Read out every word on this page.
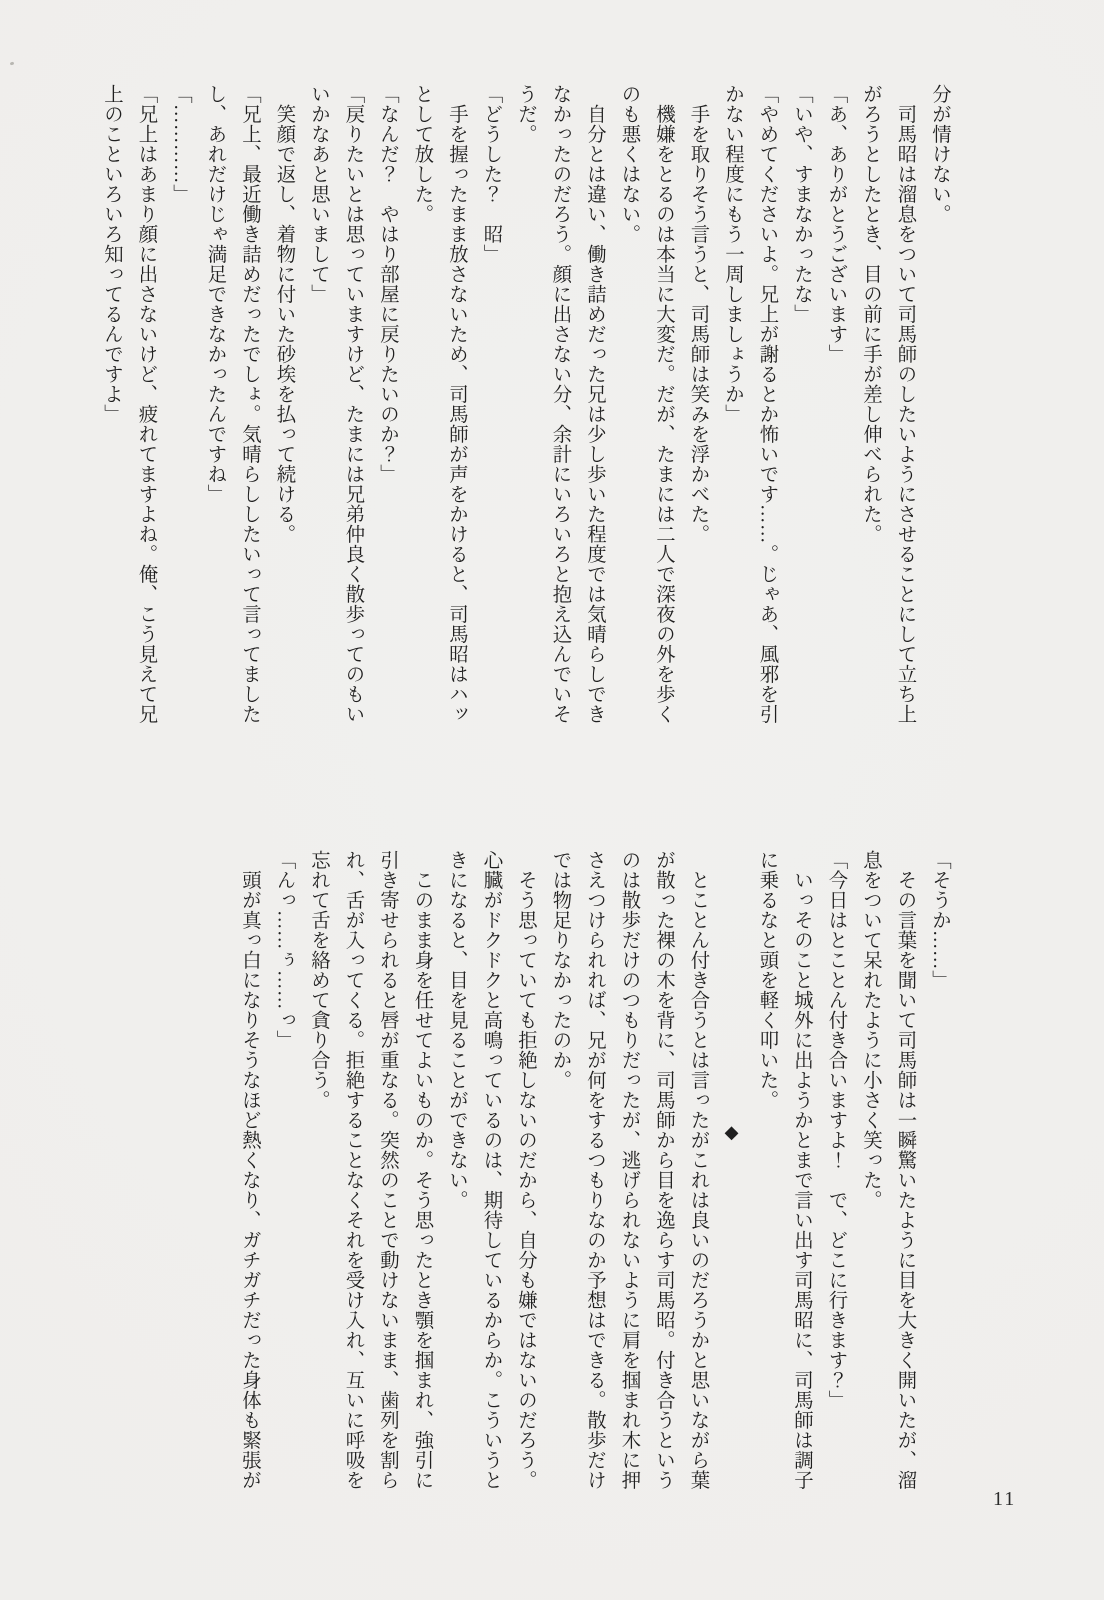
分が情けない。

　司馬昭は溜息をついて司馬師のしたいようにさせることにして立ち上

がろうとしたとき、目の前に手が差し伸べられた。

「あ、ありがとうございます」

「いや、すまなかったな」

「やめてくださいよ。兄上が謝るとか怖いです……。じゃあ、風邪を引

かない程度にもう一周しましょうか」

　手を取りそう言うと、司馬師は笑みを浮かべた。

　機嫌をとるのは本当に大変だ。だが、たまには二人で深夜の外を歩く

のも悪くはない。

　自分とは違い、働き詰めだった兄は少し歩いた程度では気晴らしでき

なかったのだろう。顔に出さない分、余計にいろいろと抱え込んでいそ

うだ。

「どうした？　昭」

　手を握ったまま放さないため、司馬師が声をかけると、司馬昭はハッ

として放した。

「なんだ？　やはり部屋に戻りたいのか？」

「戻りたいとは思っていますけど、たまには兄弟仲良く散歩ってのもい

いかなあと思いまして」

　笑顔で返し、着物に付いた砂埃を払って続ける。

「兄上、最近働き詰めだったでしょ。気晴らししたいって言ってました

し、あれだけじゃ満足できなかったんですね」

「…………」

「兄上はあまり顔に出さないけど、疲れてますよね。俺、こう見えて兄

上のこといろいろ知ってるんですよ」

「そうか……」

　その言葉を聞いて司馬師は一瞬驚いたように目を大きく開いたが、溜

息をついて呆れたように小さく笑った。

「今日はとことん付き合いますよ！　で、どこに行きます？」

　いっそのこと城外に出ようかとまで言い出す司馬昭に、司馬師は調子

に乗るなと頭を軽く叩いた。

◆

　とことん付き合うとは言ったがこれは良いのだろうかと思いながら葉

が散った裸の木を背に、司馬師から目を逸らす司馬昭。付き合うという

のは散歩だけのつもりだったが、逃げられないように肩を掴まれ木に押

さえつけられれば、兄が何をするつもりなのか予想はできる。散歩だけ

では物足りなかったのか。

　そう思っていても拒絶しないのだから、自分も嫌ではないのだろう。

心臓がドクドクと高鳴っているのは、期待しているからか。こういうと

きになると、目を見ることができない。

　このまま身を任せてよいものか。そう思ったとき顎を掴まれ、強引に

引き寄せられると唇が重なる。突然のことで動けないまま、歯列を割ら

れ、舌が入ってくる。拒絶することなくそれを受け入れ、互いに呼吸を

忘れて舌を絡めて貪り合う。

「んっ……ぅ……っ」

　頭が真っ白になりそうなほど熱くなり、ガチガチだった身体も緊張が

11
